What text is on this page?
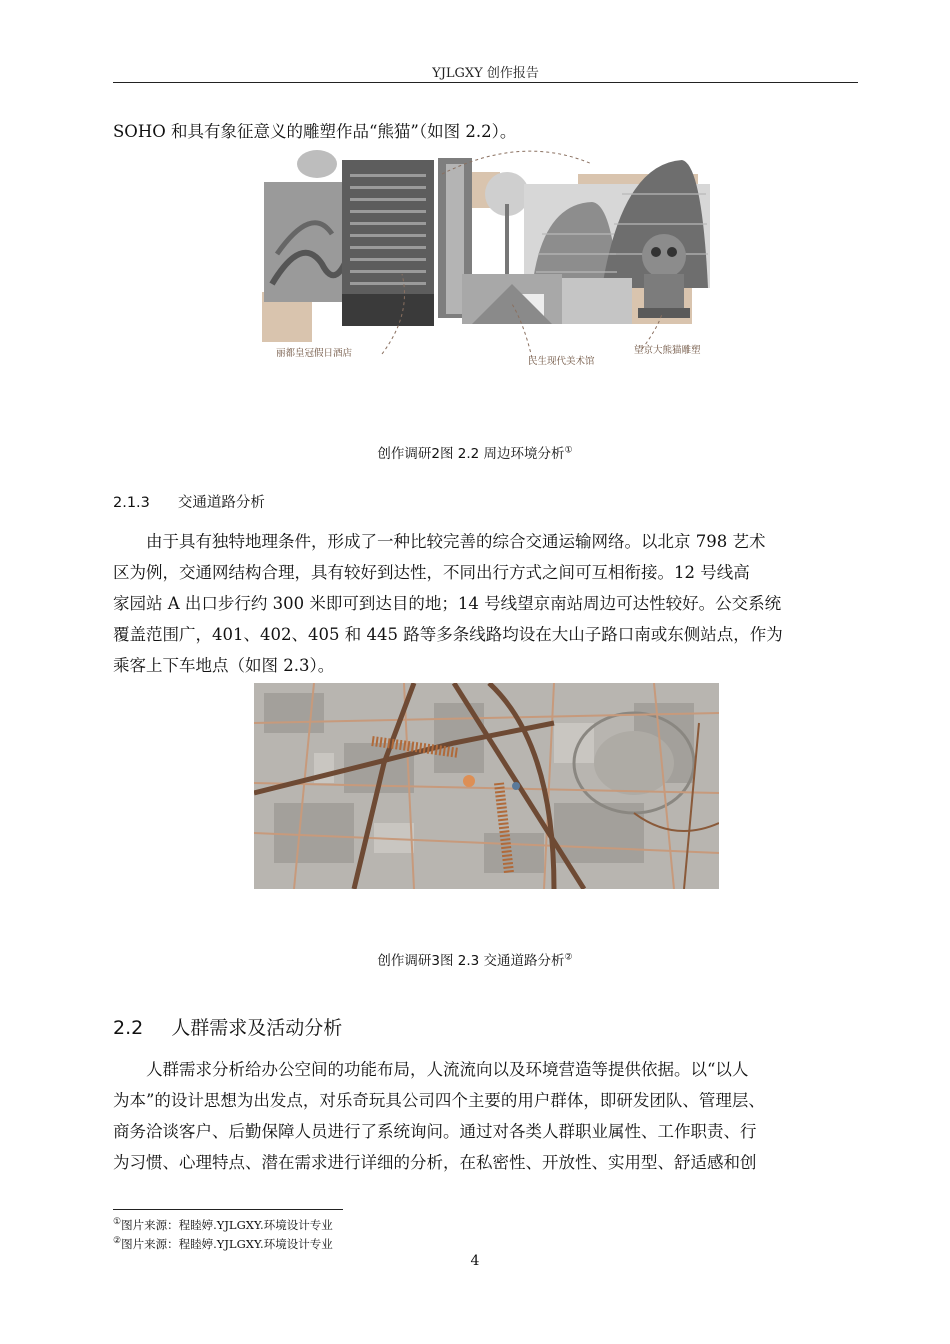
YJLGXY 创作报告
SOHO 和具有象征意义的雕塑作品“熊猫”（如图 2.2）。
丽都皇冠假日酒店
民生现代美术馆
望京大熊猫雕塑
创作调研2图 2.2 周边环境分析①
2.1.3 交通道路分析
由于具有独特地理条件，形成了一种比较完善的综合交通运输网络。以北京 798 艺术
区为例，交通网结构合理，具有较好到达性，不同出行方式之间可互相衔接。12 号线高
家园站 A 出口步行约 300 米即可到达目的地；14 号线望京南站周边可达性较好。公交系统
覆盖范围广，401、402、405 和 445 路等多条线路均设在大山子路口南或东侧站点，作为
乘客上下车地点（如图 2.3）。
创作调研3图 2.3 交通道路分析②
2.2 人群需求及活动分析
人群需求分析给办公空间的功能布局，人流流向以及环境营造等提供依据。以“以人
为本”的设计思想为出发点，对乐奇玩具公司四个主要的用户群体，即研发团队、管理层、
商务洽谈客户、后勤保障人员进行了系统询问。通过对各类人群职业属性、工作职责、行
为习惯、心理特点、潜在需求进行详细的分析，在私密性、开放性、实用型、舒适感和创
①图片来源：程睦婷.YJLGXY.环境设计专业
②图片来源：程睦婷.YJLGXY.环境设计专业
4
